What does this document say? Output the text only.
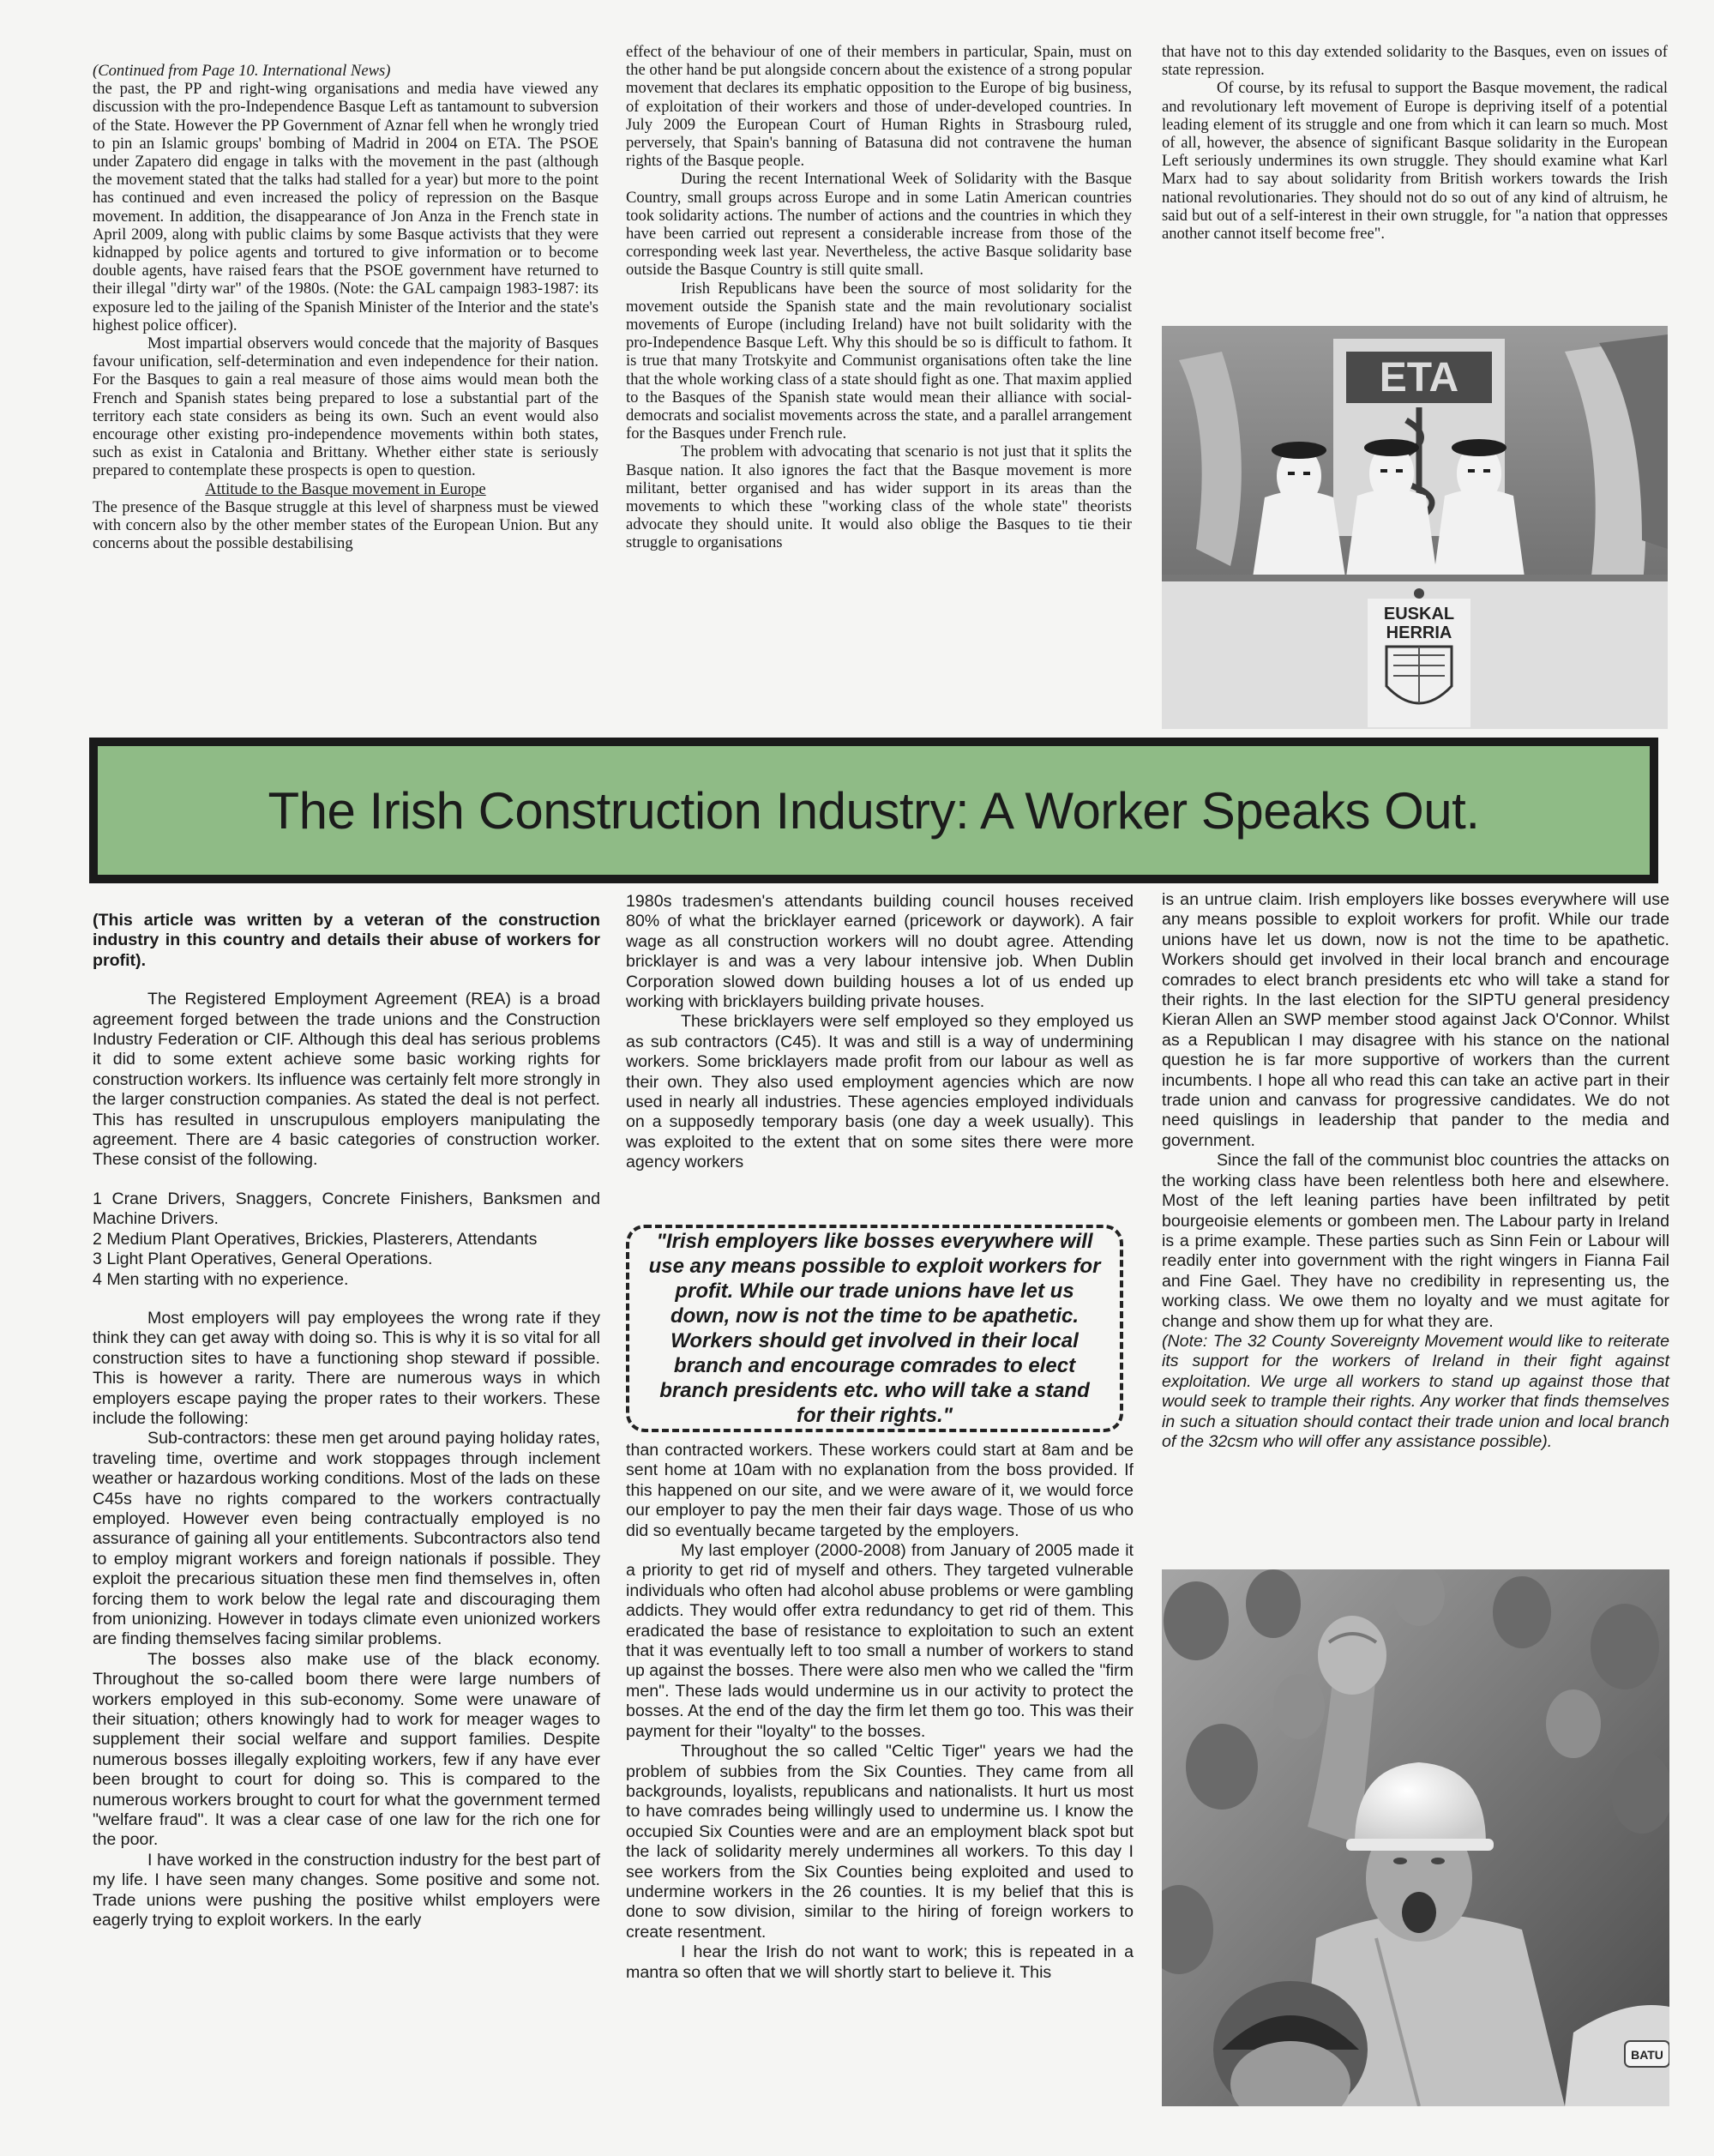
(Continued from Page 10. International News)

the past, the PP and right-wing organisations and media have viewed any discussion with the pro-Independence Basque Left as tantamount to subversion of the State. However the PP Government of Aznar fell when he wrongly tried to pin an Islamic groups' bombing of Madrid in 2004 on ETA. The PSOE under Zapatero did engage in talks with the movement in the past (although the movement stated that the talks had stalled for a year) but more to the point has continued and even increased the policy of repression on the Basque movement. In addition, the disappearance of Jon Anza in the French state in April 2009, along with public claims by some Basque activists that they were kidnapped by police agents and tortured to give information or to become double agents, have raised fears that the PSOE government have returned to their illegal "dirty war" of the 1980s. (Note: the GAL campaign 1983-1987: its exposure led to the jailing of the Spanish Minister of the Interior and the state's highest police officer).

Most impartial observers would concede that the majority of Basques favour unification, self-determination and even independence for their nation. For the Basques to gain a real measure of those aims would mean both the French and Spanish states being prepared to lose a substantial part of the territory each state considers as being its own. Such an event would also encourage other existing pro-independence movements within both states, such as exist in Catalonia and Brittany. Whether either state is seriously prepared to contemplate these prospects is open to question.

Attitude to the Basque movement in Europe

The presence of the Basque struggle at this level of sharpness must be viewed with concern also by the other member states of the European Union. But any concerns about the possible destabilising

effect of the behaviour of one of their members in particular, Spain, must on the other hand be put alongside concern about the existence of a strong popular movement that declares its emphatic opposition to the Europe of big business, of exploitation of their workers and those of under-developed countries. In July 2009 the European Court of Human Rights in Strasbourg ruled, perversely, that Spain's banning of Batasuna did not contravene the human rights of the Basque people.

During the recent International Week of Solidarity with the Basque Country, small groups across Europe and in some Latin American countries took solidarity actions. The number of actions and the countries in which they have been carried out represent a considerable increase from those of the corresponding week last year. Nevertheless, the active Basque solidarity base outside the Basque Country is still quite small.

Irish Republicans have been the source of most solidarity for the movement outside the Spanish state and the main revolutionary socialist movements of Europe (including Ireland) have not built solidarity with the pro-Independence Basque Left. Why this should be so is difficult to fathom. It is true that many Trotskyite and Communist organisations often take the line that the whole working class of a state should fight as one. That maxim applied to the Basques of the Spanish state would mean their alliance with social-democrats and socialist movements across the state, and a parallel arrangement for the Basques under French rule.

The problem with advocating that scenario is not just that it splits the Basque nation. It also ignores the fact that the Basque movement is more militant, better organised and has wider support in its areas than the movements to which these "working class of the whole state" theorists advocate they should unite. It would also oblige the Basques to tie their struggle to organisations

that have not to this day extended solidarity to the Basques, even on issues of state repression.

Of course, by its refusal to support the Basque movement, the radical and revolutionary left movement of Europe is depriving itself of a potential leading element of its struggle and one from which it can learn so much. Most of all, however, the absence of significant Basque solidarity in the European Left seriously undermines its own struggle. They should examine what Karl Marx had to say about solidarity from British workers towards the Irish national revolutionaries. They should not do so out of any kind of altruism, he said but out of a self-interest in their own struggle, for "a nation that oppresses another cannot itself become free".

ETA
EUSKAL
HERRIA
The Irish Construction Industry: A Worker Speaks Out.

(This article was written by a veteran of the construction industry in this country and details their abuse of workers for profit).

The Registered Employment Agreement (REA) is a broad agreement forged between the trade unions and the Construction Industry Federation or CIF. Although this deal has serious problems it did to some extent achieve some basic working rights for construction workers. Its influence was certainly felt more strongly in the larger construction companies. As stated the deal is not perfect. This has resulted in unscrupulous employers manipulating the agreement. There are 4 basic categories of construction worker. These consist of the following.

1 Crane Drivers, Snaggers, Concrete Finishers, Banksmen and Machine Drivers.

2 Medium Plant Operatives, Brickies, Plasterers, Attendants

3 Light Plant Operatives, General Operations.

4 Men starting with no experience.

Most employers will pay employees the wrong rate if they think they can get away with doing so. This is why it is so vital for all construction sites to have a functioning shop steward if possible. This is however a rarity. There are numerous ways in which employers escape paying the proper rates to their workers. These include the following:

Sub-contractors: these men get around paying holiday rates, traveling time, overtime and work stoppages through inclement weather or hazardous working conditions. Most of the lads on these C45s have no rights compared to the workers contractually employed. However even being contractually employed is no assurance of gaining all your entitlements. Subcontractors also tend to employ migrant workers and foreign nationals if possible. They exploit the precarious situation these men find themselves in, often forcing them to work below the legal rate and discouraging them from unionizing. However in todays climate even unionized workers are finding themselves facing similar problems.

The bosses also make use of the black economy. Throughout the so-called boom there were large numbers of workers employed in this sub-economy. Some were unaware of their situation; others knowingly had to work for meager wages to supplement their social welfare and support families. Despite numerous bosses illegally exploiting workers, few if any have ever been brought to court for doing so. This is compared to the numerous workers brought to court for what the government termed "welfare fraud". It was a clear case of one law for the rich one for the poor.

I have worked in the construction industry for the best part of my life. I have seen many changes. Some positive and some not. Trade unions were pushing the positive whilst employers were eagerly trying to exploit workers. In the early

1980s tradesmen's attendants building council houses received 80% of what the bricklayer earned (pricework or daywork). A fair wage as all construction workers will no doubt agree. Attending bricklayer is and was a very labour intensive job. When Dublin Corporation slowed down building houses a lot of us ended up working with bricklayers building private houses.

These bricklayers were self employed so they employed us as sub contractors (C45). It was and still is a way of undermining workers. Some bricklayers made profit from our labour as well as their own. They also used employment agencies which are now used in nearly all industries. These agencies employed individuals on a supposedly temporary basis (one day a week usually). This was exploited to the extent that on some sites there were more agency workers

"Irish employers like bosses everywhere will use any means possible to exploit workers for profit. While our trade unions have let us down, now is not the time to be apathetic. Workers should get involved in their local branch and encourage comrades to elect branch presidents etc. who will take a stand for their rights."

than contracted workers. These workers could start at 8am and be sent home at 10am with no explanation from the boss provided. If this happened on our site, and we were aware of it, we would force our employer to pay the men their fair days wage. Those of us who did so eventually became targeted by the employers.

My last employer (2000-2008) from January of 2005 made it a priority to get rid of myself and others. They targeted vulnerable individuals who often had alcohol abuse problems or were gambling addicts. They would offer extra redundancy to get rid of them. This eradicated the base of resistance to exploitation to such an extent that it was eventually left to too small a number of workers to stand up against the bosses. There were also men who we called the "firm men". These lads would undermine us in our activity to protect the bosses. At the end of the day the firm let them go too. This was their payment for their "loyalty" to the bosses.

Throughout the so called "Celtic Tiger" years we had the problem of subbies from the Six Counties. They came from all backgrounds, loyalists, republicans and nationalists. It hurt us most to have comrades being willingly used to undermine us. I know the occupied Six Counties were and are an employment black spot but the lack of solidarity merely undermines all workers. To this day I see workers from the Six Counties being exploited and used to undermine workers in the 26 counties. It is my belief that this is done to sow division, similar to the hiring of foreign workers to create resentment.

I hear the Irish do not want to work; this is repeated in a mantra so often that we will shortly start to believe it. This

is an untrue claim. Irish employers like bosses everywhere will use any means possible to exploit workers for profit. While our trade unions have let us down, now is not the time to be apathetic. Workers should get involved in their local branch and encourage comrades to elect branch presidents etc who will take a stand for their rights. In the last election for the SIPTU general presidency Kieran Allen an SWP member stood against Jack O'Connor. Whilst as a Republican I may disagree with his stance on the national question he is far more supportive of workers than the current incumbents. I hope all who read this can take an active part in their trade union and canvass for progressive candidates. We do not need quislings in leadership that pander to the media and government.

Since the fall of the communist bloc countries the attacks on the working class have been relentless both here and elsewhere. Most of the left leaning parties have been infiltrated by petit bourgeoisie elements or gombeen men. The Labour party in Ireland is a prime example. These parties such as Sinn Fein or Labour will readily enter into government with the right wingers in Fianna Fail and Fine Gael. They have no credibility in representing us, the working class. We owe them no loyalty and we must agitate for change and show them up for what they are.

(Note: The 32 County Sovereignty Movement would like to reiterate its support for the workers of Ireland in their fight against exploitation. We urge all workers to stand up against those that would seek to trample their rights. Any worker that finds themselves in such a situation should contact their trade union and local branch of the 32csm who will offer any assistance possible).

BATU
